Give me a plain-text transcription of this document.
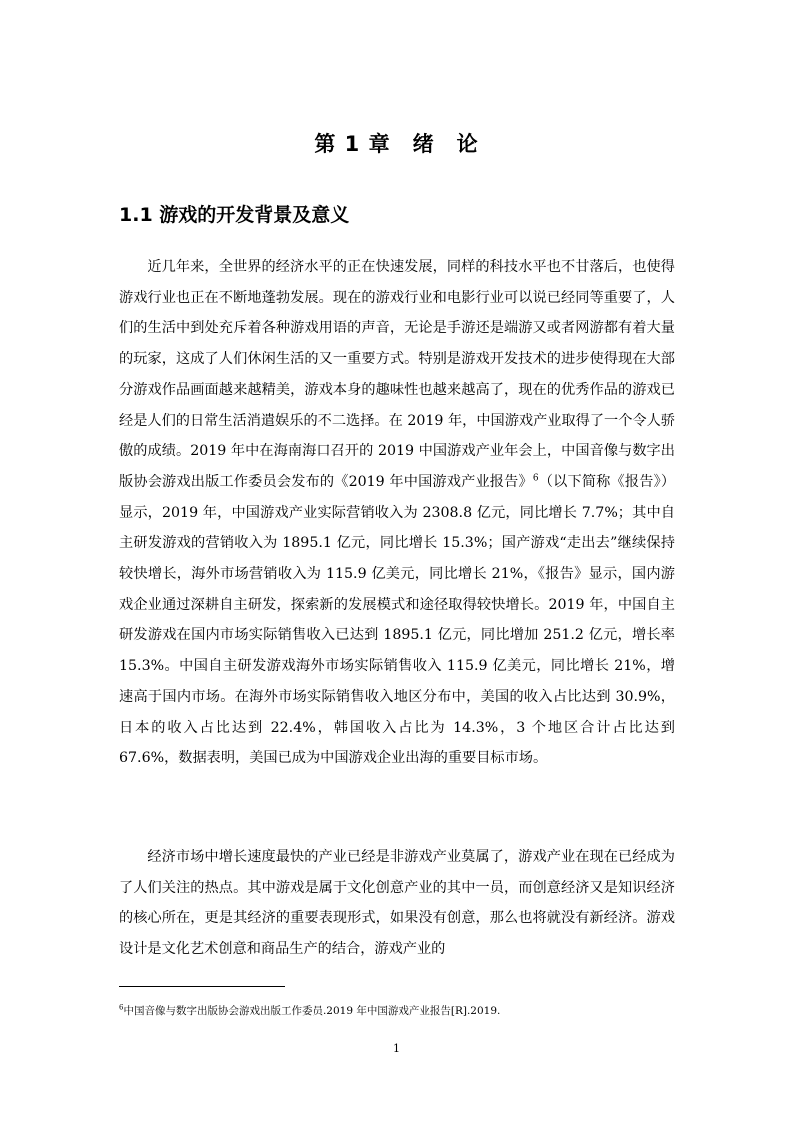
第 1 章　绪　论
1.1 游戏的开发背景及意义

近几年来，全世界的经济水平的正在快速发展，同样的科技水平也不甘落后，也使得游戏行业也正在不断地蓬勃发展。现在的游戏行业和电影行业可以说已经同等重要了，人们的生活中到处充斥着各种游戏用语的声音，无论是手游还是端游又或者网游都有着大量的玩家，这成了人们休闲生活的又一重要方式。特别是游戏开发技术的进步使得现在大部分游戏作品画面越来越精美，游戏本身的趣味性也越来越高了，现在的优秀作品的游戏已经是人们的日常生活消遣娱乐的不二选择。在 2019 年，中国游戏产业取得了一个令人骄傲的成绩。2019 年中在海南海口召开的 2019 中国游戏产业年会上，中国音像与数字出版协会游戏出版工作委员会发布的《2019 年中国游戏产业报告》$^6$（以下简称《报告》）显示，2019 年，中国游戏产业实际营销收入为 2308.8 亿元，同比增长 7.7%；其中自主研发游戏的营销收入为 1895.1 亿元，同比增长 15.3%；国产游戏“走出去”继续保持较快增长，海外市场营销收入为 115.9 亿美元，同比增长 21%，《报告》显示，国内游戏企业通过深耕自主研发，探索新的发展模式和途径取得较快增长。2019 年，中国自主研发游戏在国内市场实际销售收入已达到 1895.1 亿元，同比增加 251.2 亿元，增长率 15.3%。中国自主研发游戏海外市场实际销售收入 115.9 亿美元，同比增长 21%，增速高于国内市场。在海外市场实际销售收入地区分布中，美国的收入占比达到 30.9%，日本的收入占比达到 22.4%，韩国收入占比为 14.3%，3 个地区合计占比达到 67.6%，数据表明，美国已成为中国游戏企业出海的重要目标市场。

经济市场中增长速度最快的产业已经是非游戏产业莫属了，游戏产业在现在已经成为了人们关注的热点。其中游戏是属于文化创意产业的其中一员，而创意经济又是知识经济的核心所在，更是其经济的重要表现形式，如果没有创意，那么也将就没有新经济。游戏设计是文化艺术创意和商品生产的结合，游戏产业的

$^6$中国音像与数字出版协会游戏出版工作委员.2019 年中国游戏产业报告[R].2019.

1
